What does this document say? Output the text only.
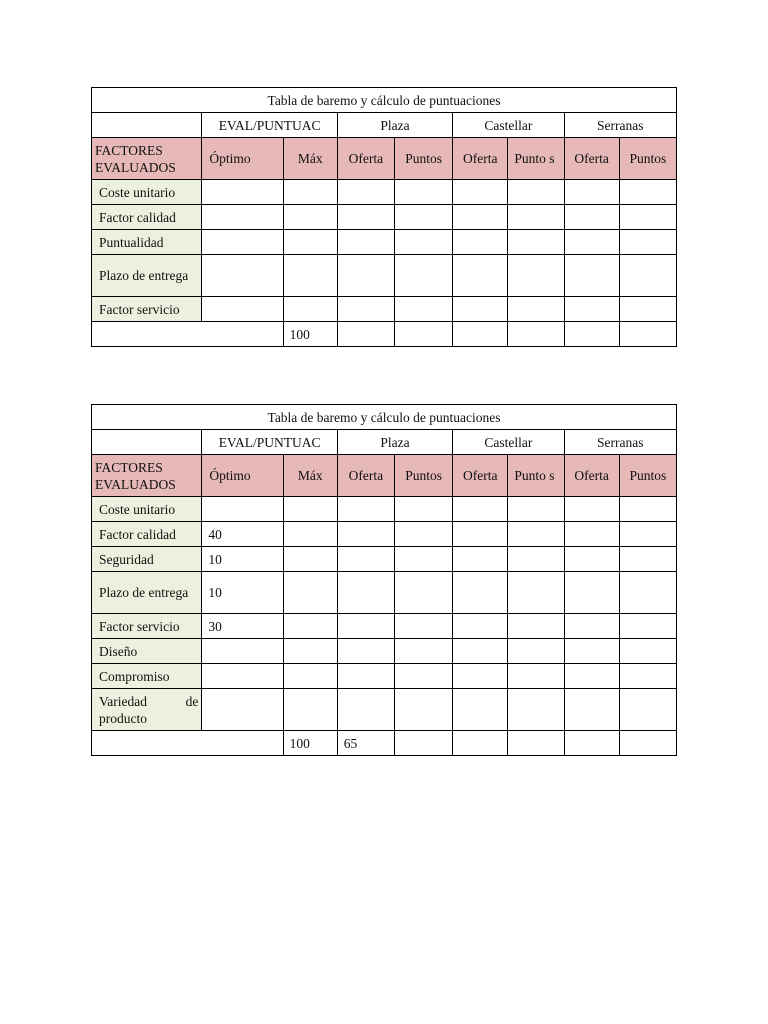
Tabla de baremo y cálculo de puntuaciones								
	EVAL/PUNTUAC		Plaza		Castellar		Serranas	
FACTORES EVALUADOS	Óptimo	Máx	Oferta	Puntos	Oferta	Punto s	Oferta	Puntos
Coste unitario								
Factor calidad								
Puntualidad								
Plazo de entrega								
Factor servicio								
		100						
Tabla de baremo y cálculo de puntuaciones								
	EVAL/PUNTUAC		Plaza		Castellar		Serranas	
FACTORES EVALUADOS	Óptimo	Máx	Oferta	Puntos	Oferta	Punto s	Oferta	Puntos
Coste unitario								
Factor calidad	40							
Seguridad	10							
Plazo de entrega	10							
Factor servicio	30							
Diseño								
Compromiso								
Variedad de producto								
		100	65					
